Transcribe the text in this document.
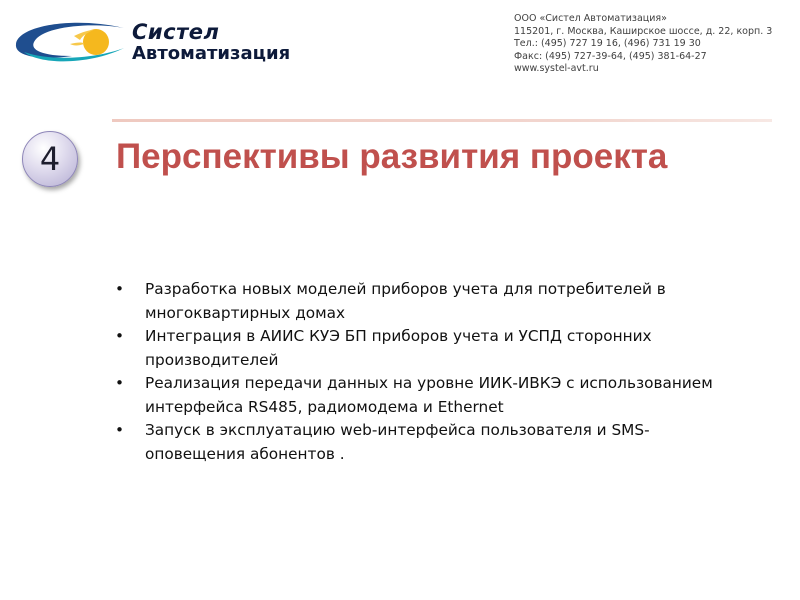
Систел
Автоматизация
ООО «Систел Автоматизация»
115201, г. Москва, Каширское шоссе, д. 22, корп. 3
Тел.: (495) 727 19 16, (496) 731 19 30
Факс: (495) 727-39-64, (495) 381-64-27
www.systel-avt.ru
4 Перспективы развития проекта
• Разработка новых моделей приборов учета для потребителей в многоквартирных домах
• Интеграция в АИИС КУЭ БП приборов учета и УСПД сторонних производителей
• Реализация передачи данных на уровне ИИК-ИВКЭ с использованием интерфейса RS485, радиомодема и Ethernet
• Запуск в эксплуатацию web-интерфейса пользователя и SMS-оповещения абонентов .
